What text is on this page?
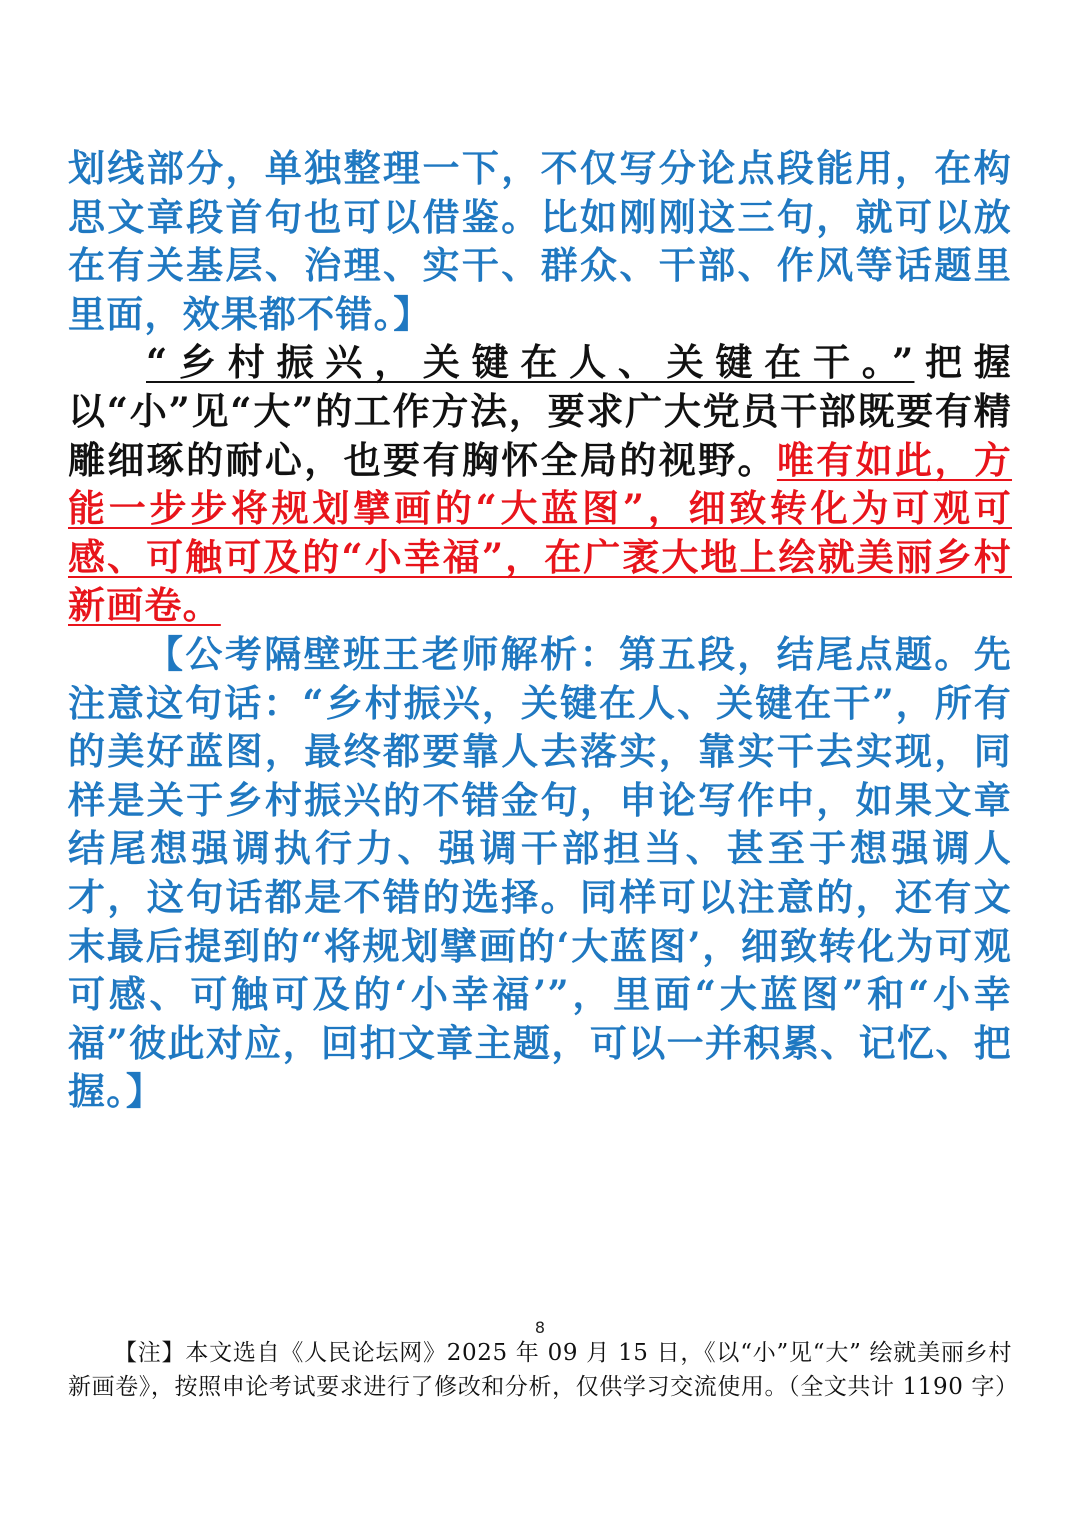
划线部分，单独整理一下，不仅写分论点段能用，在构思文章段首句也可以借鉴。比如刚刚这三句，就可以放在有关基层、治理、实干、群众、干部、作风等话题里里面，效果都不错。】

“乡村振兴，关键在人、关键在干。”把握以“小”见“大”的工作方法，要求广大党员干部既要有精雕细琢的耐心，也要有胸怀全局的视野。唯有如此，方能一步步将规划擘画的“大蓝图”，细致转化为可观可感、可触可及的“小幸福”，在广袤大地上绘就美丽乡村新画卷。

【公考隔壁班王老师解析：第五段，结尾点题。先注意这句话：“乡村振兴，关键在人、关键在干”，所有的美好蓝图，最终都要靠人去落实，靠实干去实现，同样是关于乡村振兴的不错金句，申论写作中，如果文章结尾想强调执行力、强调干部担当、甚至于想强调人才，这句话都是不错的选择。同样可以注意的，还有文末最后提到的“将规划擘画的‘大蓝图’，细致转化为可观可感、可触可及的‘小幸福’”，里面“大蓝图”和“小幸福”彼此对应，回扣文章主题，可以一并积累、记忆、把握。】

8

【注】本文选自《人民论坛网》2025 年 09 月 15 日，《以“小”见“大” 绘就美丽乡村新画卷》，按照申论考试要求进行了修改和分析，仅供学习交流使用。（全文共计 1190 字）
